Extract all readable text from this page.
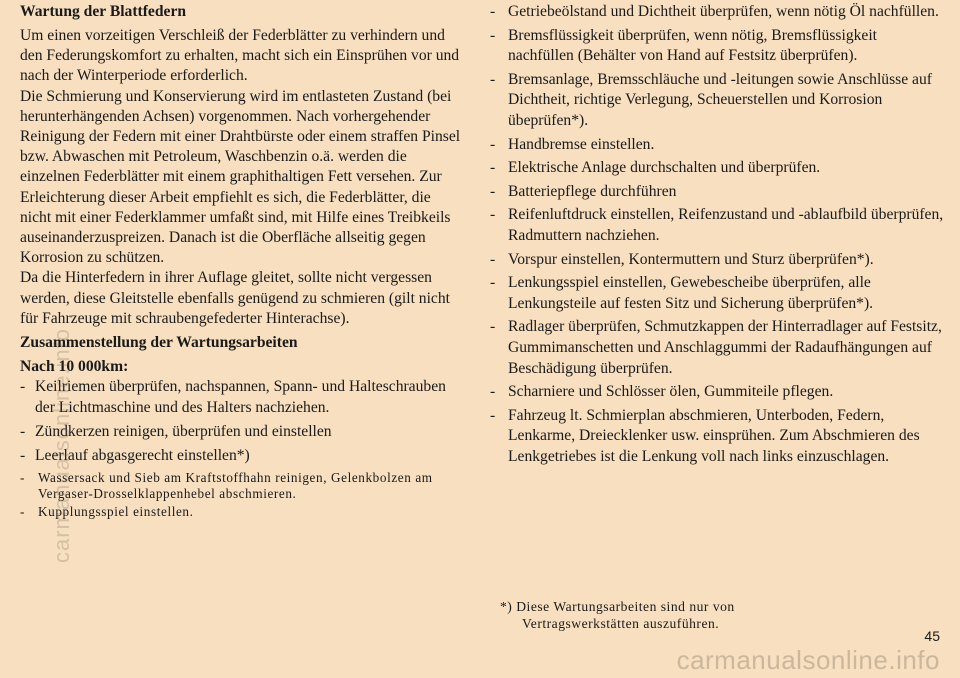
Wartung der Blattfedern

Um einen vorzeitigen Verschleiß der Federblätter zu verhindern und den Federungskomfort zu erhalten, macht sich ein Einsprühen vor und nach der Winterperiode erforderlich.

Die Schmierung und Konservierung wird im entlasteten Zustand (bei herunterhängenden Achsen) vorgenommen. Nach vorhergehender Reinigung der Federn mit einer Drahtbürste oder einem straffen Pinsel bzw. Abwaschen mit Petroleum, Waschbenzin o.ä. werden die einzelnen Federblätter mit einem graphithaltigen Fett versehen. Zur Erleichterung dieser Arbeit empfiehlt es sich, die Federblätter, die nicht mit einer Federklammer umfaßt sind, mit Hilfe eines Treibkeils auseinanderzuspreizen. Danach ist die Oberfläche allseitig gegen Korrosion zu schützen.

Da die Hinterfedern in ihrer Auflage gleitet, sollte nicht vergessen werden, diese Gleitstelle ebenfalls genügend zu schmieren (gilt nicht für Fahrzeuge mit schraubengefederter Hinterachse).

Zusammenstellung der Wartungsarbeiten

Nach 10 000km:

- Keilriemen überprüfen, nachspannen, Spann- und Halteschrauben der Lichtmaschine und des Halters nachziehen.
- Zündkerzen reinigen, überprüfen und einstellen
- Leerlauf abgasgerecht einstellen*)
- Wassersack und Sieb am Kraftstoffhahn reinigen, Gelenkbolzen am Vergaser-Drosselklappenhebel abschmieren.
- Kupplungsspiel einstellen.
- Getriebeölstand und Dichtheit überprüfen, wenn nötig Öl nachfüllen.
- Bremsflüssigkeit überprüfen, wenn nötig, Bremsflüssigkeit nachfüllen (Behälter von Hand auf Festsitz überprüfen).
- Bremsanlage, Bremsschläuche und -leitungen sowie Anschlüsse auf Dichtheit, richtige Verlegung, Scheuerstellen und Korrosion übeprüfen*).
- Handbremse einstellen.
- Elektrische Anlage durchschalten und überprüfen.
- Batteriepflege durchführen
- Reifenluftdruck einstellen, Reifenzustand und -ablaufbild überprüfen, Radmuttern nachziehen.
- Vorspur einstellen, Kontermuttern und Sturz überprüfen*).
- Lenkungsspiel einstellen, Gewebescheibe überprüfen, alle Lenkungsteile auf festen Sitz und Sicherung überprüfen*).
- Radlager überprüfen, Schmutzkappen der Hinterradlager auf Festsitz, Gummimanschetten und Anschlaggummi der Radaufhängungen auf Beschädigung überprüfen.
- Scharniere und Schlösser ölen, Gummiteile pflegen.
- Fahrzeug lt. Schmierplan abschmieren, Unterboden, Federn, Lenkarme, Dreiecklenker usw. einsprühen. Zum Abschmieren des Lenkgetriebes ist die Lenkung voll nach links einzuschlagen.

*) Diese Wartungsarbeiten sind nur von Vertragswerkstätten auszuführen.

45
carmanualsonline.info
carmanualsonline.info
